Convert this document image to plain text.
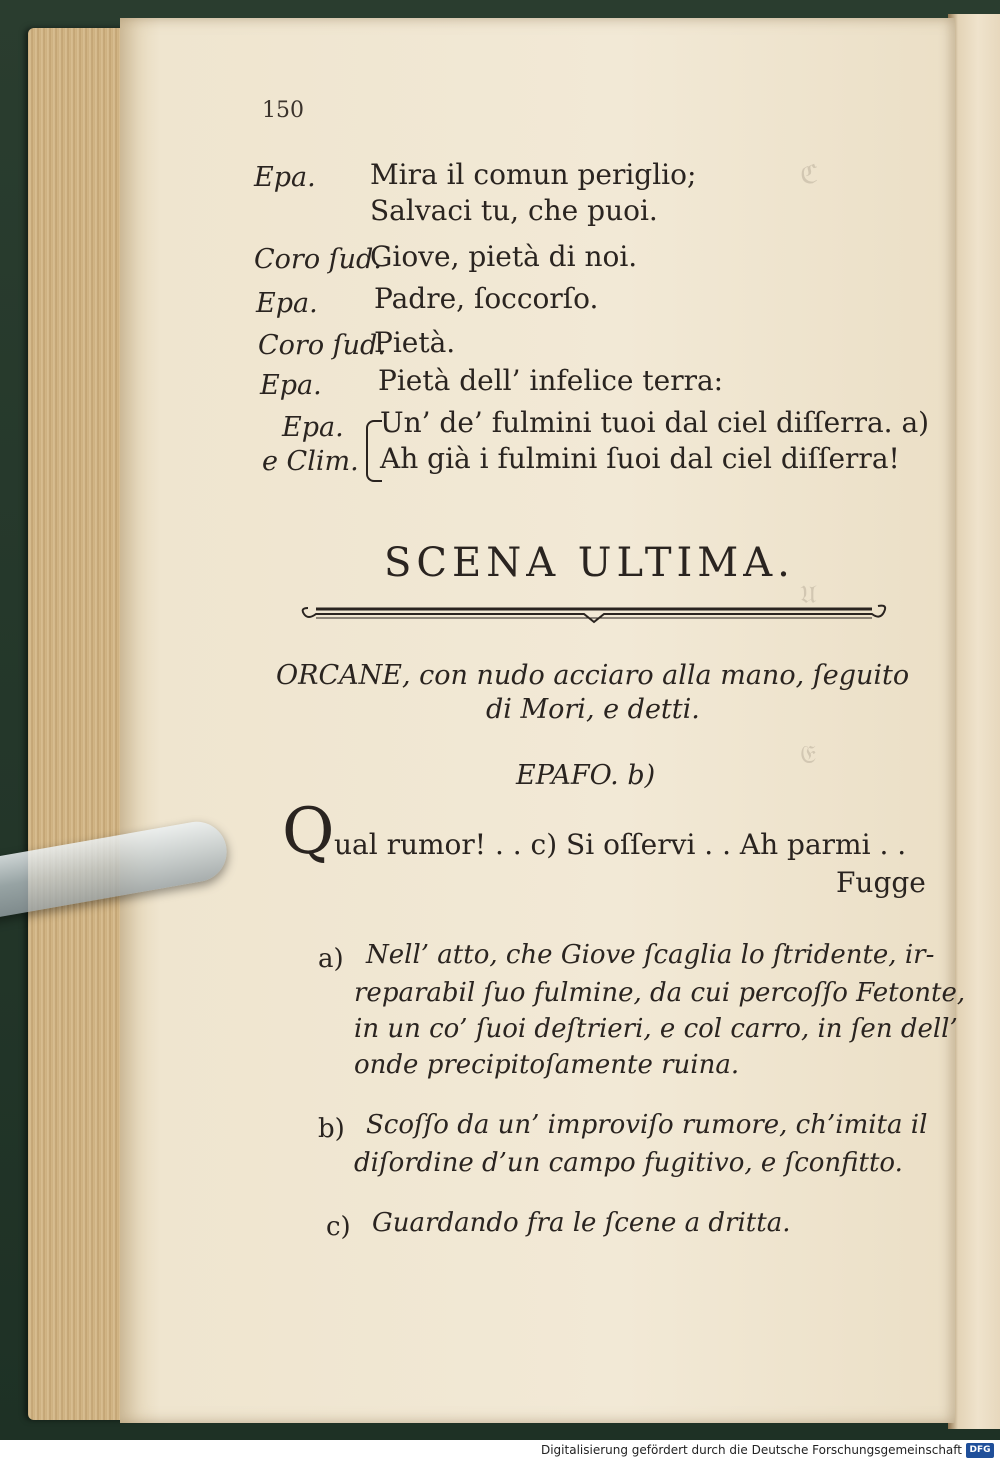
ℭ
𝔘
𝔈
150
Epa. Mira il comun periglio;
Salvaci tu, che puoi.
Coro ſud.
Giove, pietà di noi.
Epa. Padre, ſoccorſo.
Coro ſud.
Pietà.
Epa. Pietà dell’ infelice terra:
Epa.
e Clim.
Un’ de’ fulmini tuoi dal ciel diſſerra. a)
Ah già i fulmini ſuoi dal ciel diſſerra!
SCENA ULTIMA.
ORCANE, con nudo acciaro alla mano, ſeguito
di Mori, e detti.
EPAFO. b)
Q ual rumor! . . c) Si oſſervi . . Ah parmi . .
Fugge
a) Nell’ atto, che Giove ſcaglia lo ſtridente, ir-
reparabil ſuo fulmine, da cui percoſſo Fetonte,
in un co’ ſuoi deſtrieri, e col carro, in ſen dell’
onde precipitoſamente ruina.
b) Scoſſo da un’ improviſo rumore, ch’imita il
diſordine d’un campo fugitivo, e ſconfitto.
c) Guardando fra le ſcene a dritta.
Digitalisierung gefördert durch die Deutsche Forschungsgemeinschaft DFG
